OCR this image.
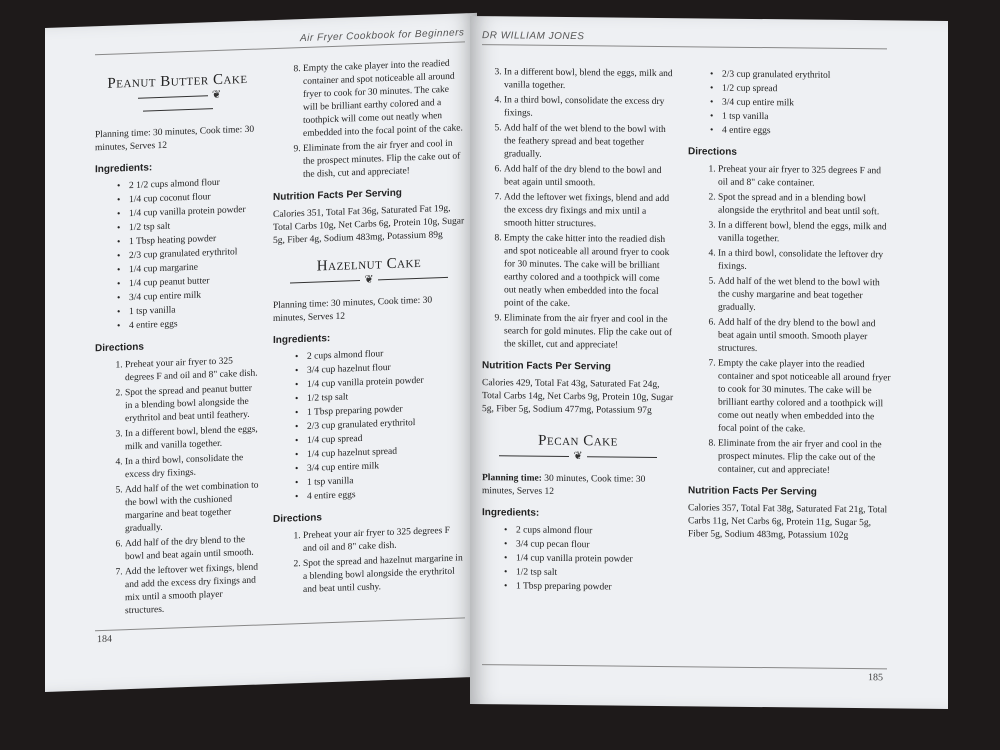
Air Fryer Cookbook for Beginners
Peanut Butter Cake
❦

Planning time: 30 minutes, Cook time: 30 minutes, Serves 12

Ingredients:
• 2 1/2 cups almond flour
• 1/4 cup coconut flour
• 1/4 cup vanilla protein powder
• 1/2 tsp salt
• 1 Tbsp heating powder
• 2/3 cup granulated erythritol
• 1/4 cup margarine
• 1/4 cup peanut butter
• 3/4 cup entire milk
• 1 tsp vanilla
• 4 entire eggs
Directions
1. Preheat your air fryer to 325 degrees F and oil and 8" cake dish.
2. Spot the spread and peanut butter in a blending bowl alongside the erythritol and beat until feathery.
3. In a different bowl, blend the eggs, milk and vanilla together.
4. In a third bowl, consolidate the excess dry fixings.
5. Add half of the wet combination to the bowl with the cushioned margarine and beat together gradually.
6. Add half of the dry blend to the bowl and beat again until smooth.
7. Add the leftover wet fixings, blend and add the excess dry fixings and mix until a smooth player structures.
8. Empty the cake player into the readied container and spot noticeable all around fryer to cook for 30 minutes. The cake will be brilliant earthy colored and a toothpick will come out neatly when embedded into the focal point of the cake.
9. Eliminate from the air fryer and cool in the prospect minutes. Flip the cake out of the dish, cut and appreciate!
Nutrition Facts Per Serving

Calories 351, Total Fat 36g, Saturated Fat 19g, Total Carbs 10g, Net Carbs 6g, Protein 10g, Sugar 5g, Fiber 4g, Sodium 483mg, Potassium 89g

Hazelnut Cake
❦

Planning time: 30 minutes, Cook time: 30 minutes, Serves 12

Ingredients:
• 2 cups almond flour
• 3/4 cup hazelnut flour
• 1/4 cup vanilla protein powder
• 1/2 tsp salt
• 1 Tbsp preparing powder
• 2/3 cup granulated erythritol
• 1/4 cup spread
• 1/4 cup hazelnut spread
• 3/4 cup entire milk
• 1 tsp vanilla
• 4 entire eggs
Directions
1. Preheat your air fryer to 325 degrees F and oil and 8" cake dish.
2. Spot the spread and hazelnut margarine in a blending bowl alongside the erythritol and beat until cushy.
184
DR WILLIAM JONES
3. In a different bowl, blend the eggs, milk and vanilla together.
4. In a third bowl, consolidate the excess dry fixings.
5. Add half of the wet blend to the bowl with the feathery spread and beat together gradually.
6. Add half of the dry blend to the bowl and beat again until smooth.
7. Add the leftover wet fixings, blend and add the excess dry fixings and mix until a smooth hitter structures.
8. Empty the cake hitter into the readied dish and spot noticeable all around fryer to cook for 30 minutes. The cake will be brilliant earthy colored and a toothpick will come out neatly when embedded into the focal point of the cake.
9. Eliminate from the air fryer and cool in the search for gold minutes. Flip the cake out of the skillet, cut and appreciate!
Nutrition Facts Per Serving

Calories 429, Total Fat 43g, Saturated Fat 24g, Total Carbs 14g, Net Carbs 9g, Protein 10g, Sugar 5g, Fiber 5g, Sodium 477mg, Potassium 97g

Pecan Cake
❦

Planning time: 30 minutes, Cook time: 30 minutes, Serves 12

Ingredients:
• 2 cups almond flour
• 3/4 cup pecan flour
• 1/4 cup vanilla protein powder
• 1/2 tsp salt
• 1 Tbsp preparing powder
• 2/3 cup granulated erythritol
• 1/2 cup spread
• 3/4 cup entire milk
• 1 tsp vanilla
• 4 entire eggs
Directions
1. Preheat your air fryer to 325 degrees F and oil and 8" cake container.
2. Spot the spread and in a blending bowl alongside the erythritol and beat until soft.
3. In a different bowl, blend the eggs, milk and vanilla together.
4. In a third bowl, consolidate the leftover dry fixings.
5. Add half of the wet blend to the bowl with the cushy margarine and beat together gradually.
6. Add half of the dry blend to the bowl and beat again until smooth. Smooth player structures.
7. Empty the cake player into the readied container and spot noticeable all around fryer to cook for 30 minutes. The cake will be brilliant earthy colored and a toothpick will come out neatly when embedded into the focal point of the cake.
8. Eliminate from the air fryer and cool in the prospect minutes. Flip the cake out of the container, cut and appreciate!
Nutrition Facts Per Serving

Calories 357, Total Fat 38g, Saturated Fat 21g, Total Carbs 11g, Net Carbs 6g, Protein 11g, Sugar 5g, Fiber 5g, Sodium 483mg, Potassium 102g

185
